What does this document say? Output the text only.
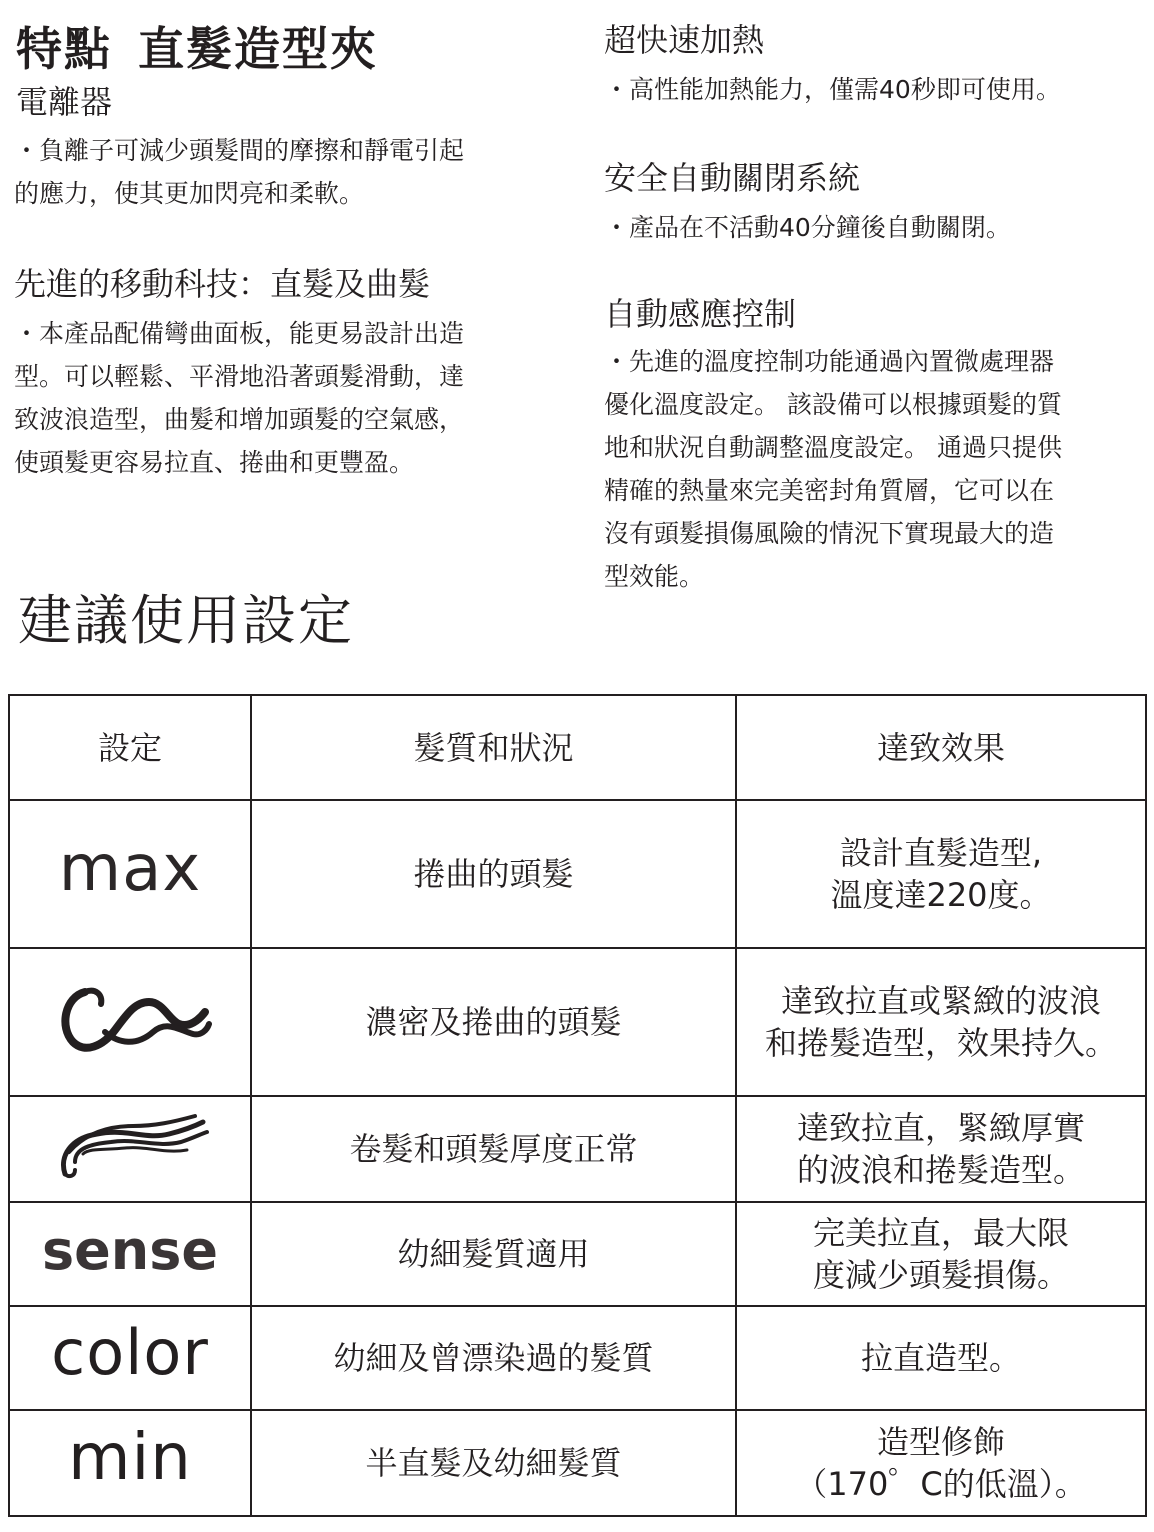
特點 直髮造型夾
電離器
・負離子可減少頭髮間的摩擦和靜電引起
的應力，使其更加閃亮和柔軟。
先進的移動科技：直髮及曲髮
・本產品配備彎曲面板，能更易設計出造
型。可以輕鬆、平滑地沿著頭髮滑動，達
致波浪造型，曲髮和增加頭髮的空氣感，
使頭髮更容易拉直、捲曲和更豐盈。
建議使用設定
超快速加熱
・高性能加熱能力，僅需40秒即可使用。
安全自動關閉系統
・產品在不活動40分鐘後自動關閉。
自動感應控制
・先進的溫度控制功能通過內置微處理器
優化溫度設定。 該設備可以根據頭髮的質
地和狀況自動調整溫度設定。 通過只提供
精確的熱量來完美密封角質層，它可以在
沒有頭髮損傷風險的情況下實現最大的造
型效能。
設定	髮質和狀況	達致效果
max	捲曲的頭髮	設計直髮造型,
溫度達220度。

	濃密及捲曲的頭髮	達致拉直或緊緻的波浪
和捲髮造型，效果持久。

	卷髮和頭髮厚度正常	達致拉直，緊緻厚實
的波浪和捲髮造型。

sense	幼細髮質適用	完美拉直，最大限
度減少頭髮損傷。

color	幼細及曾漂染過的髮質	拉直造型。

min	半直髮及幼細髮質	造型修飾
（170゜C的低溫）。
